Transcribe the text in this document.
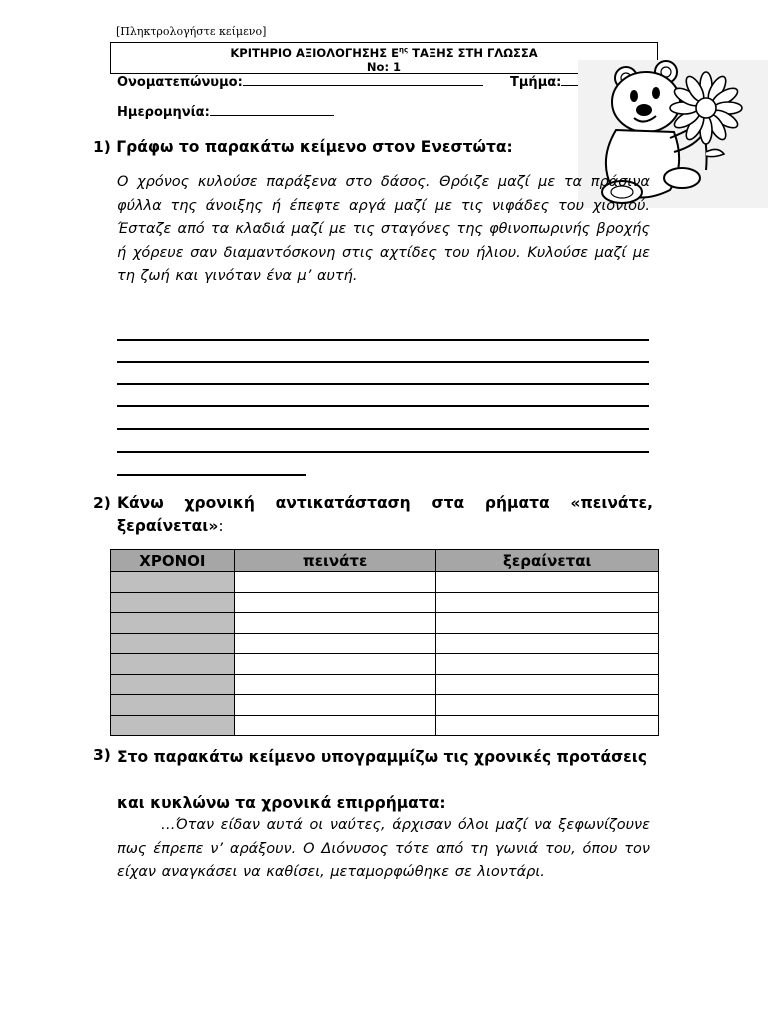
[Πληκτρολογήστε κείμενο]
ΚΡΙΤΗΡΙΟ ΑΞΙΟΛΟΓΗΣΗΣ $E^{\eta\varsigma}$ ΤΑΞΗΣ ΣΤΗ ΓΛΩΣΣΑ
Νο: 1
Ονοματεπώνυμο:	Τμήμα:
Ημερομηνία:
1) Γράφω το παρακάτω κείμενο στον Ενεστώτα:
Ο χρόνος κυλούσε παράξενα στο δάσος. Θρόιζε μαζί με τα πράσινα φύλλα της άνοιξης ή έπεφτε αργά μαζί με τις νιφάδες του χιονιού. Έσταζε από τα κλαδιά μαζί με τις σταγόνες της φθινοπωρινής βροχής ή χόρευε σαν διαμαντόσκονη στις αχτίδες του ήλιου. Κυλούσε μαζί με τη ζωή και γινόταν ένα μ’ αυτή.
2) Κάνω χρονική αντικατάσταση στα ρήματα «πεινάτε, ξεραίνεται»:
ΧΡΟΝΟΙ	πεινάτε	ξεραίνεται

3) Στο παρακάτω κείμενο υπογραμμίζω τις χρονικές προτάσεις
και κυκλώνω τα χρονικά επιρρήματα:
…Όταν είδαν αυτά οι ναύτες, άρχισαν όλοι μαζί να ξεφωνίζουνε πως έπρεπε ν’ αράξουν. Ο Διόνυσος τότε από τη γωνιά του, όπου τον είχαν αναγκάσει να καθίσει, μεταμορφώθηκε σε λιοντάρι.
